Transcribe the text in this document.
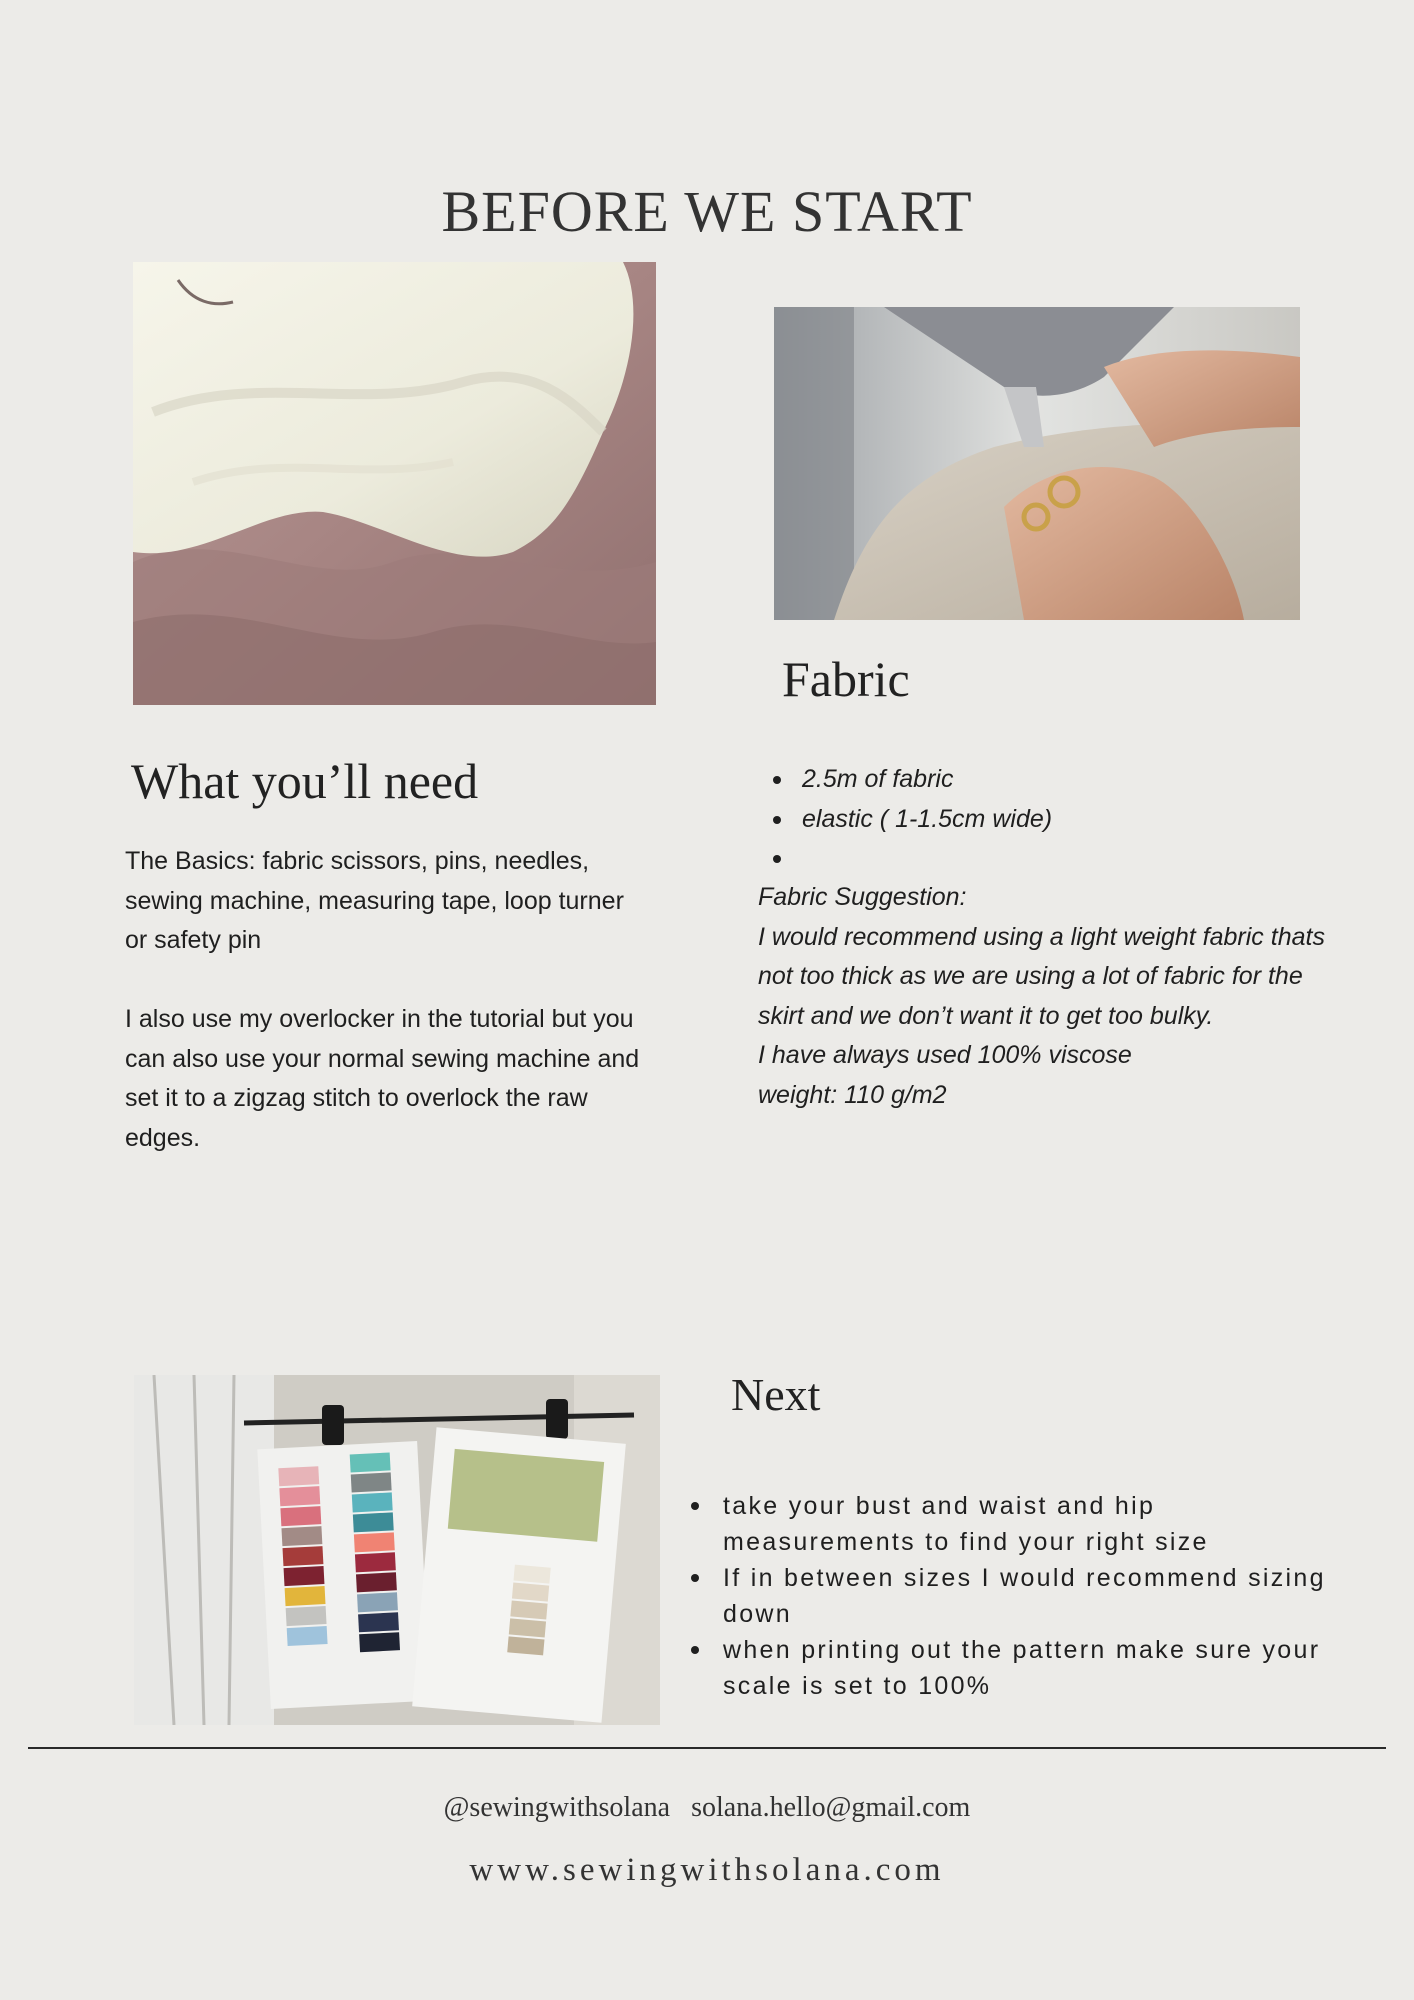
BEFORE WE START
Fabric
2.5m of fabric
elastic ( 1-1.5cm wide)
Fabric Suggestion:
I would recommend using a light weight fabric thats not too thick as we are using a lot of fabric for the skirt and we don’t want it to get too bulky.
I have always used 100% viscose
weight: 110 g/m2
What you’ll need

The Basics: fabric scissors, pins, needles, sewing machine, measuring tape, loop turner or safety pin

I also use my overlocker in the tutorial but you can also use your normal sewing machine and set it to a zigzag stitch to overlock the raw edges.

Next
take your bust and waist and hip measurements to find your right size
If in between sizes I would recommend sizing down
when printing out the pattern make sure your scale is set to 100%
@sewingwithsolana solana.hello@gmail.com
www.sewingwithsolana.com
